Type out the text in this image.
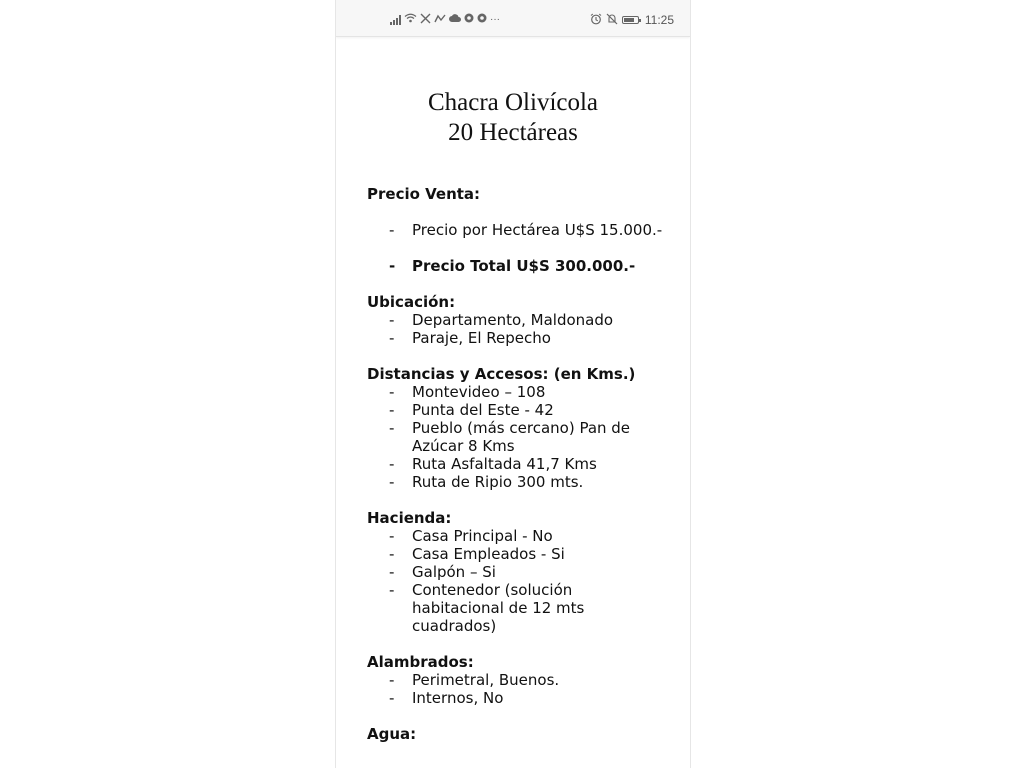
···	11:25
Chacra Olivícola
20 Hectáreas

Precio Venta:

- Precio por Hectárea U$S 15.000.-
- Precio Total U$S 300.000.-

Ubicación:

- Departamento, Maldonado
- Paraje, El Repecho

Distancias y Accesos: (en Kms.)

- Montevideo – 108
- Punta del Este - 42
- Pueblo (más cercano) Pan de Azúcar 8 Kms
- Ruta Asfaltada 41,7 Kms
- Ruta de Ripio 300 mts.

Hacienda:

- Casa Principal - No
- Casa Empleados - Si
- Galpón – Si
- Contenedor (solución habitacional de 12 mts cuadrados)

Alambrados:

- Perimetral, Buenos.
- Internos, No

Agua:
